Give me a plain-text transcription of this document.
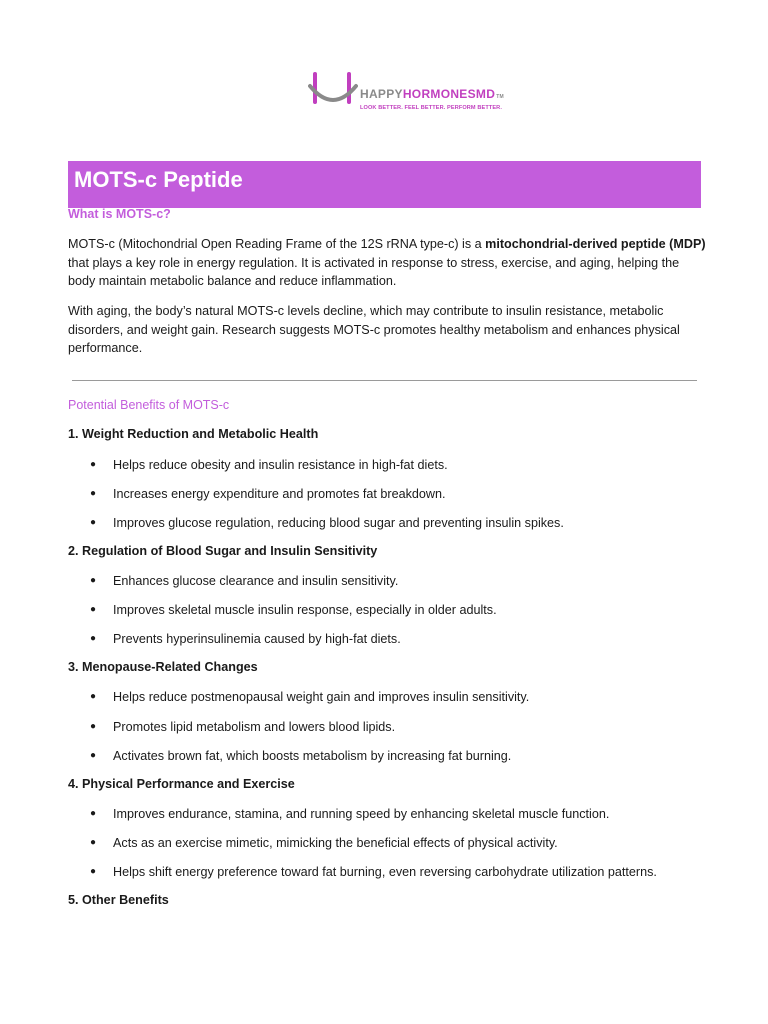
HAPPYHORMONESMDTM
LOOK BETTER. FEEL BETTER. PERFORM BETTER.
MOTS-c Peptide
What is MOTS-c?
MOTS-c (Mitochondrial Open Reading Frame of the 12S rRNA type-c) is a mitochondrial-derived peptide (MDP) that plays a key role in energy regulation. It is activated in response to stress, exercise, and aging, helping the body maintain metabolic balance and reduce inflammation.
With aging, the body’s natural MOTS-c levels decline, which may contribute to insulin resistance, metabolic disorders, and weight gain. Research suggests MOTS-c promotes healthy metabolism and enhances physical performance.
Potential Benefits of MOTS-c
1. Weight Reduction and Metabolic Health
● Helps reduce obesity and insulin resistance in high-fat diets.
● Increases energy expenditure and promotes fat breakdown.
● Improves glucose regulation, reducing blood sugar and preventing insulin spikes.
2. Regulation of Blood Sugar and Insulin Sensitivity
● Enhances glucose clearance and insulin sensitivity.
● Improves skeletal muscle insulin response, especially in older adults.
● Prevents hyperinsulinemia caused by high-fat diets.
3. Menopause-Related Changes
● Helps reduce postmenopausal weight gain and improves insulin sensitivity.
● Promotes lipid metabolism and lowers blood lipids.
● Activates brown fat, which boosts metabolism by increasing fat burning.
4. Physical Performance and Exercise
● Improves endurance, stamina, and running speed by enhancing skeletal muscle function.
● Acts as an exercise mimetic, mimicking the beneficial effects of physical activity.
● Helps shift energy preference toward fat burning, even reversing carbohydrate utilization patterns.
5. Other Benefits
